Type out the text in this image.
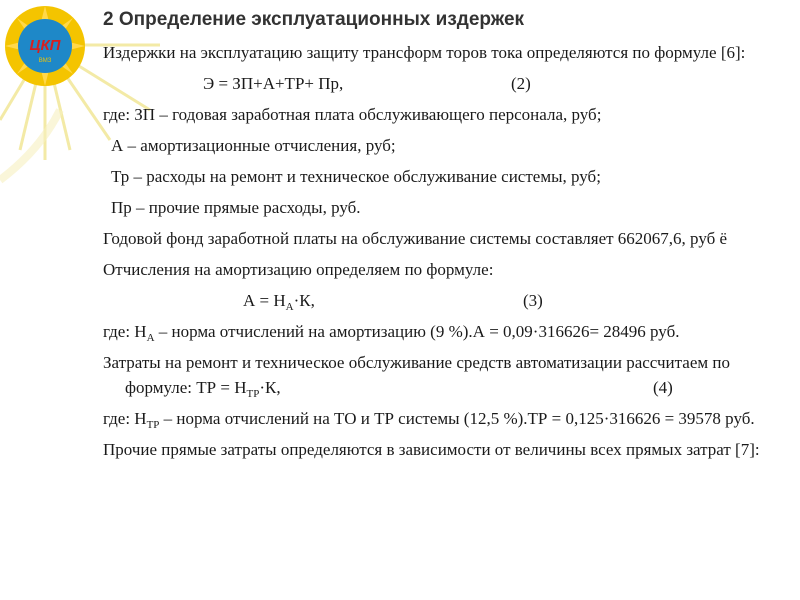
ЦКП
ВМЗ
2 Определение эксплуатационных издержек

Издержки на эксплуатацию защиту трансформ торов тока определяются по формуле [6]:

Э = ЗП+А+ТР+ Пр,	(2)

где: ЗП – годовая заработная плата обслуживающего персонала, руб;

А – амортизационные отчисления, руб;

Тр – расходы на ремонт и техническое обслуживание системы, руб;

Пр – прочие прямые расходы, руб.

Годовой фонд заработной платы на обслуживание системы составляет 662067,6, руб ё

Отчисления на амортизацию определяем по формуле:

$А = Н_А\cdot К$,	(3)

где: $Н_А$ – норма отчислений на амортизацию (9 %).А = 0,09·316626= 28496 руб.

Затраты на ремонт и техническое обслуживание средств автоматизации рассчитаем по формуле: ТР = $Н_{ТР}\cdot К$,	(4)

где: $Н_{ТР}$ – норма отчислений на ТО и ТР системы (12,5 %).ТР = 0,125·316626 = 39578 руб.

Прочие прямые затраты определяются в зависимости от величины всех прямых затрат [7]:
